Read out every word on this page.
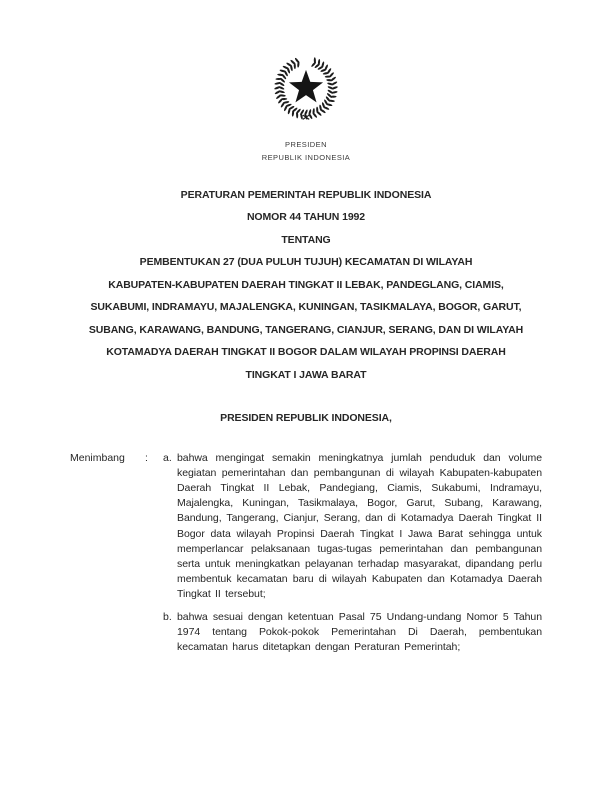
PRESIDEN
REPUBLIK INDONESIA
PERATURAN PEMERINTAH REPUBLIK INDONESIA
NOMOR 44 TAHUN 1992
TENTANG
PEMBENTUKAN 27 (DUA PULUH TUJUH) KECAMATAN DI WILAYAH
KABUPATEN-KABUPATEN DAERAH TINGKAT II LEBAK, PANDEGLANG, CIAMIS,
SUKABUMI, INDRAMAYU, MAJALENGKA, KUNINGAN, TASIKMALAYA, BOGOR, GARUT,
SUBANG, KARAWANG, BANDUNG, TANGERANG, CIANJUR, SERANG, DAN DI WILAYAH
KOTAMADYA DAERAH TINGKAT II BOGOR DALAM WILAYAH PROPINSI DAERAH
TINGKAT I JAWA BARAT
PRESIDEN REPUBLIK INDONESIA,
Menimbang	:	a. bahwa mengingat semakin meningkatnya jumlah penduduk dan volume kegiatan pemerintahan dan pembangunan di wilayah Kabupaten-kabupaten Daerah Tingkat II Lebak, Pandegiang, Ciamis, Sukabumi, Indramayu, Majalengka, Kuningan, Tasikmalaya, Bogor, Garut, Subang, Karawang, Bandung, Tangerang, Cianjur, Serang, dan di Kotamadya Daerah Tingkat II Bogor data wilayah Propinsi Daerah Tingkat I Jawa Barat sehingga untuk memperlancar pelaksanaan tugas-tugas pemerintahan dan pembangunan serta untuk meningkatkan pelayanan terhadap masyarakat, dipandang perlu membentuk kecamatan baru di wilayah Kabupaten dan Kotamadya Daerah Tingkat II tersebut;

b. bahwa sesuai dengan ketentuan Pasal 75 Undang-undang Nomor 5 Tahun 1974 tentang Pokok-pokok Pemerintahan Di Daerah, pembentukan kecamatan harus ditetapkan dengan Peraturan Pemerintah;
